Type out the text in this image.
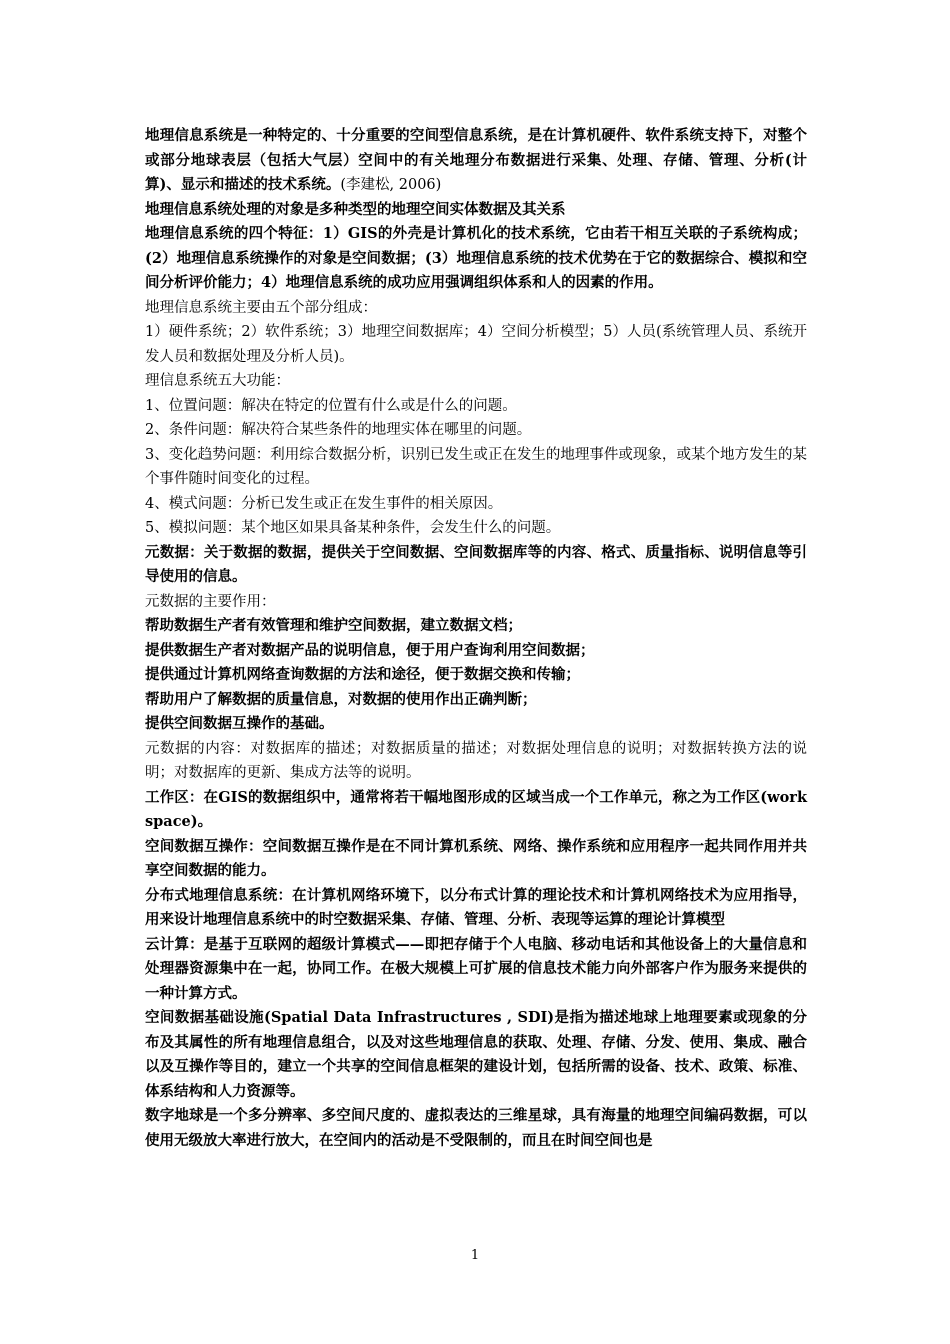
地理信息系统是一种特定的、十分重要的空间型信息系统，是在计算机硬件、软件系统支持下，对整个或部分地球表层（包括大气层）空间中的有关地理分布数据进行采集、处理、存储、管理、分析(计算)、显示和描述的技术系统。(李建松, 2006)

地理信息系统处理的对象是多种类型的地理空间实体数据及其关系

地理信息系统的四个特征：1）GIS的外壳是计算机化的技术系统，它由若干相互关联的子系统构成；(2）地理信息系统操作的对象是空间数据；(3）地理信息系统的技术优势在于它的数据综合、模拟和空间分析评价能力；4）地理信息系统的成功应用强调组织体系和人的因素的作用。

地理信息系统主要由五个部分组成：

1）硬件系统；2）软件系统；3）地理空间数据库；4）空间分析模型；5）人员(系统管理人员、系统开发人员和数据处理及分析人员)。

理信息系统五大功能：

1、位置问题：解决在特定的位置有什么或是什么的问题。

2、条件问题：解决符合某些条件的地理实体在哪里的问题。

3、变化趋势问题：利用综合数据分析，识别已发生或正在发生的地理事件或现象，或某个地方发生的某个事件随时间变化的过程。

4、模式问题：分析已发生或正在发生事件的相关原因。

5、模拟问题：某个地区如果具备某种条件，会发生什么的问题。

元数据：关于数据的数据，提供关于空间数据、空间数据库等的内容、格式、质量指标、说明信息等引导使用的信息。

元数据的主要作用：

帮助数据生产者有效管理和维护空间数据，建立数据文档；

提供数据生产者对数据产品的说明信息，便于用户查询利用空间数据；

提供通过计算机网络查询数据的方法和途径，便于数据交换和传输；

帮助用户了解数据的质量信息，对数据的使用作出正确判断；

提供空间数据互操作的基础。

元数据的内容：对数据库的描述；对数据质量的描述；对数据处理信息的说明；对数据转换方法的说明；对数据库的更新、集成方法等的说明。

工作区：在GIS的数据组织中，通常将若干幅地图形成的区域当成一个工作单元，称之为工作区(workspace)。

空间数据互操作：空间数据互操作是在不同计算机系统、网络、操作系统和应用程序一起共同作用并共享空间数据的能力。

分布式地理信息系统：在计算机网络环境下，以分布式计算的理论技术和计算机网络技术为应用指导，用来设计地理信息系统中的时空数据采集、存储、管理、分析、表现等运算的理论计算模型

云计算：是基于互联网的超级计算模式——即把存储于个人电脑、移动电话和其他设备上的大量信息和处理器资源集中在一起，协同工作。在极大规模上可扩展的信息技术能力向外部客户作为服务来提供的一种计算方式。

空间数据基础设施(Spatial Data Infrastructures , SDI)是指为描述地球上地理要素或现象的分布及其属性的所有地理信息组合，以及对这些地理信息的获取、处理、存储、分发、使用、集成、融合以及互操作等目的，建立一个共享的空间信息框架的建设计划，包括所需的设备、技术、政策、标准、体系结构和人力资源等。

数字地球是一个多分辨率、多空间尺度的、虚拟表达的三维星球，具有海量的地理空间编码数据，可以使用无级放大率进行放大，在空间内的活动是不受限制的，而且在时间空间也是

1
